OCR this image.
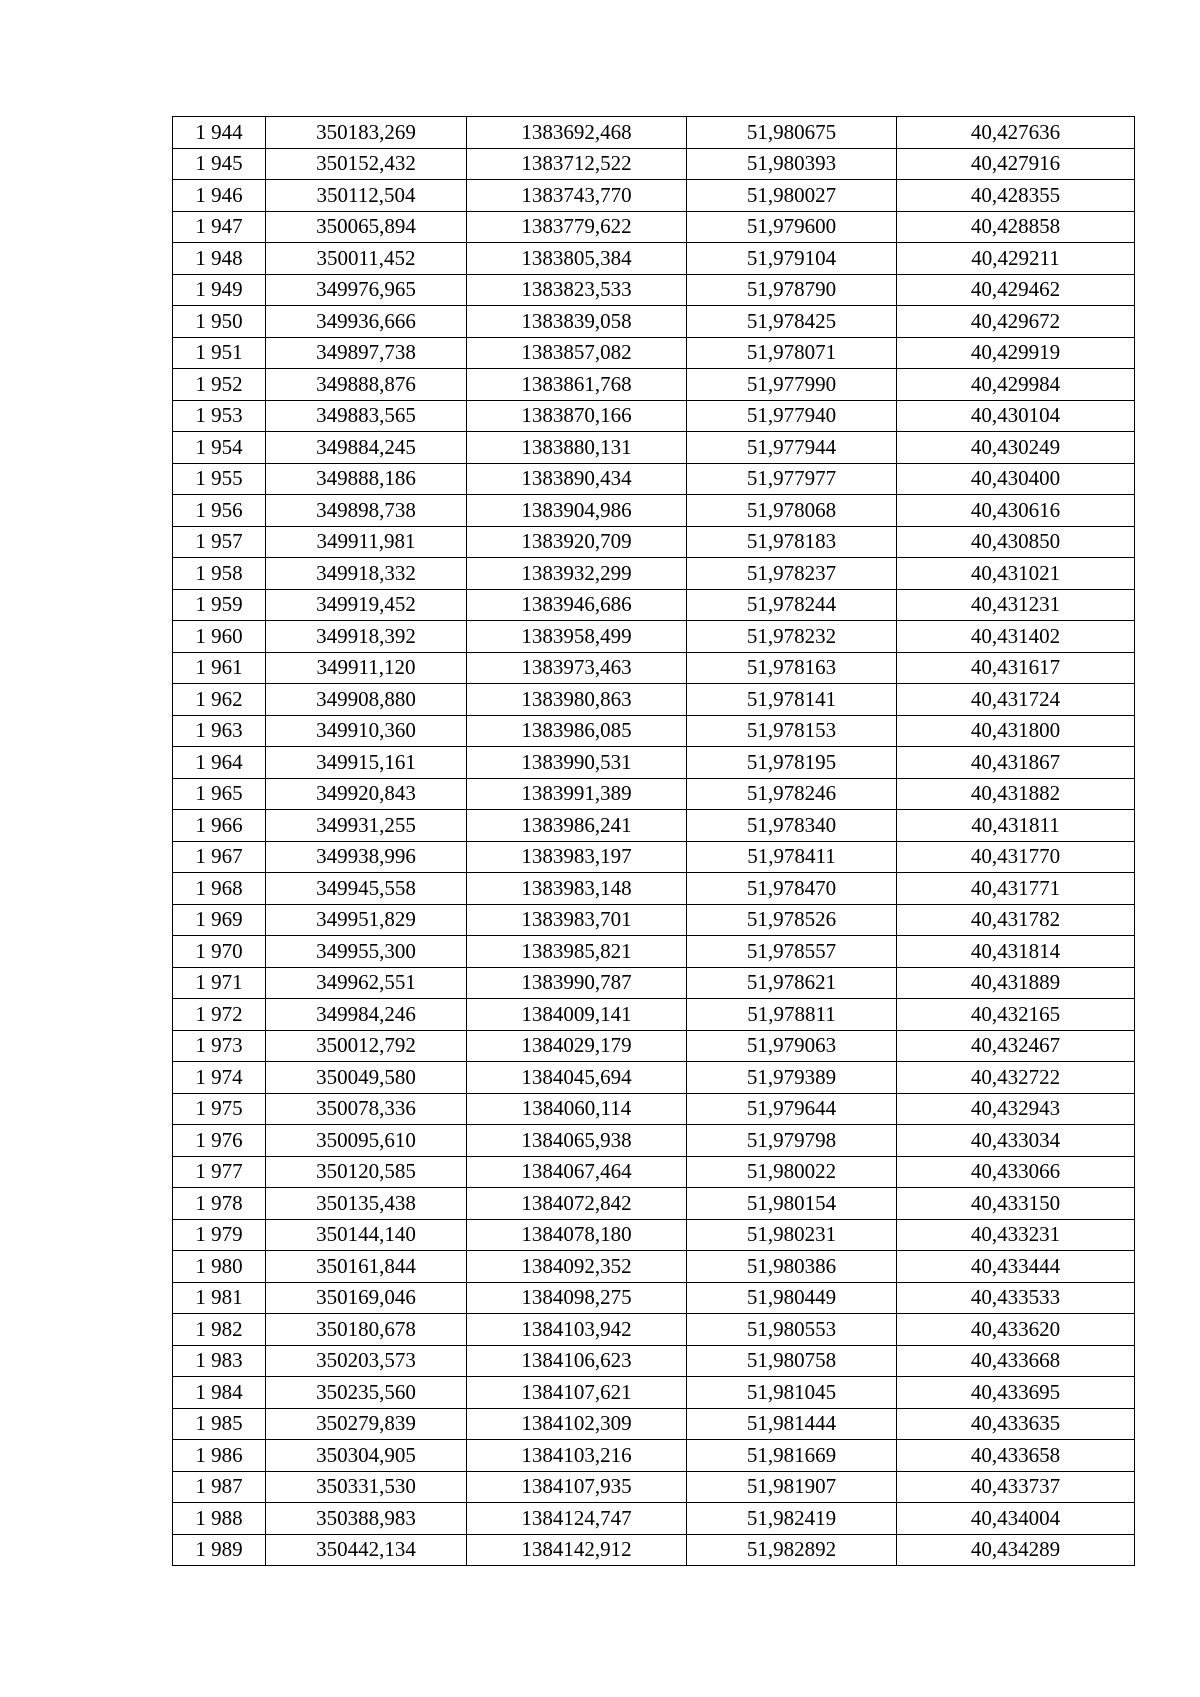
1 944	350183,269	1383692,468	51,980675	40,427636
1 945	350152,432	1383712,522	51,980393	40,427916
1 946	350112,504	1383743,770	51,980027	40,428355
1 947	350065,894	1383779,622	51,979600	40,428858
1 948	350011,452	1383805,384	51,979104	40,429211
1 949	349976,965	1383823,533	51,978790	40,429462
1 950	349936,666	1383839,058	51,978425	40,429672
1 951	349897,738	1383857,082	51,978071	40,429919
1 952	349888,876	1383861,768	51,977990	40,429984
1 953	349883,565	1383870,166	51,977940	40,430104
1 954	349884,245	1383880,131	51,977944	40,430249
1 955	349888,186	1383890,434	51,977977	40,430400
1 956	349898,738	1383904,986	51,978068	40,430616
1 957	349911,981	1383920,709	51,978183	40,430850
1 958	349918,332	1383932,299	51,978237	40,431021
1 959	349919,452	1383946,686	51,978244	40,431231
1 960	349918,392	1383958,499	51,978232	40,431402
1 961	349911,120	1383973,463	51,978163	40,431617
1 962	349908,880	1383980,863	51,978141	40,431724
1 963	349910,360	1383986,085	51,978153	40,431800
1 964	349915,161	1383990,531	51,978195	40,431867
1 965	349920,843	1383991,389	51,978246	40,431882
1 966	349931,255	1383986,241	51,978340	40,431811
1 967	349938,996	1383983,197	51,978411	40,431770
1 968	349945,558	1383983,148	51,978470	40,431771
1 969	349951,829	1383983,701	51,978526	40,431782
1 970	349955,300	1383985,821	51,978557	40,431814
1 971	349962,551	1383990,787	51,978621	40,431889
1 972	349984,246	1384009,141	51,978811	40,432165
1 973	350012,792	1384029,179	51,979063	40,432467
1 974	350049,580	1384045,694	51,979389	40,432722
1 975	350078,336	1384060,114	51,979644	40,432943
1 976	350095,610	1384065,938	51,979798	40,433034
1 977	350120,585	1384067,464	51,980022	40,433066
1 978	350135,438	1384072,842	51,980154	40,433150
1 979	350144,140	1384078,180	51,980231	40,433231
1 980	350161,844	1384092,352	51,980386	40,433444
1 981	350169,046	1384098,275	51,980449	40,433533
1 982	350180,678	1384103,942	51,980553	40,433620
1 983	350203,573	1384106,623	51,980758	40,433668
1 984	350235,560	1384107,621	51,981045	40,433695
1 985	350279,839	1384102,309	51,981444	40,433635
1 986	350304,905	1384103,216	51,981669	40,433658
1 987	350331,530	1384107,935	51,981907	40,433737
1 988	350388,983	1384124,747	51,982419	40,434004
1 989	350442,134	1384142,912	51,982892	40,434289
